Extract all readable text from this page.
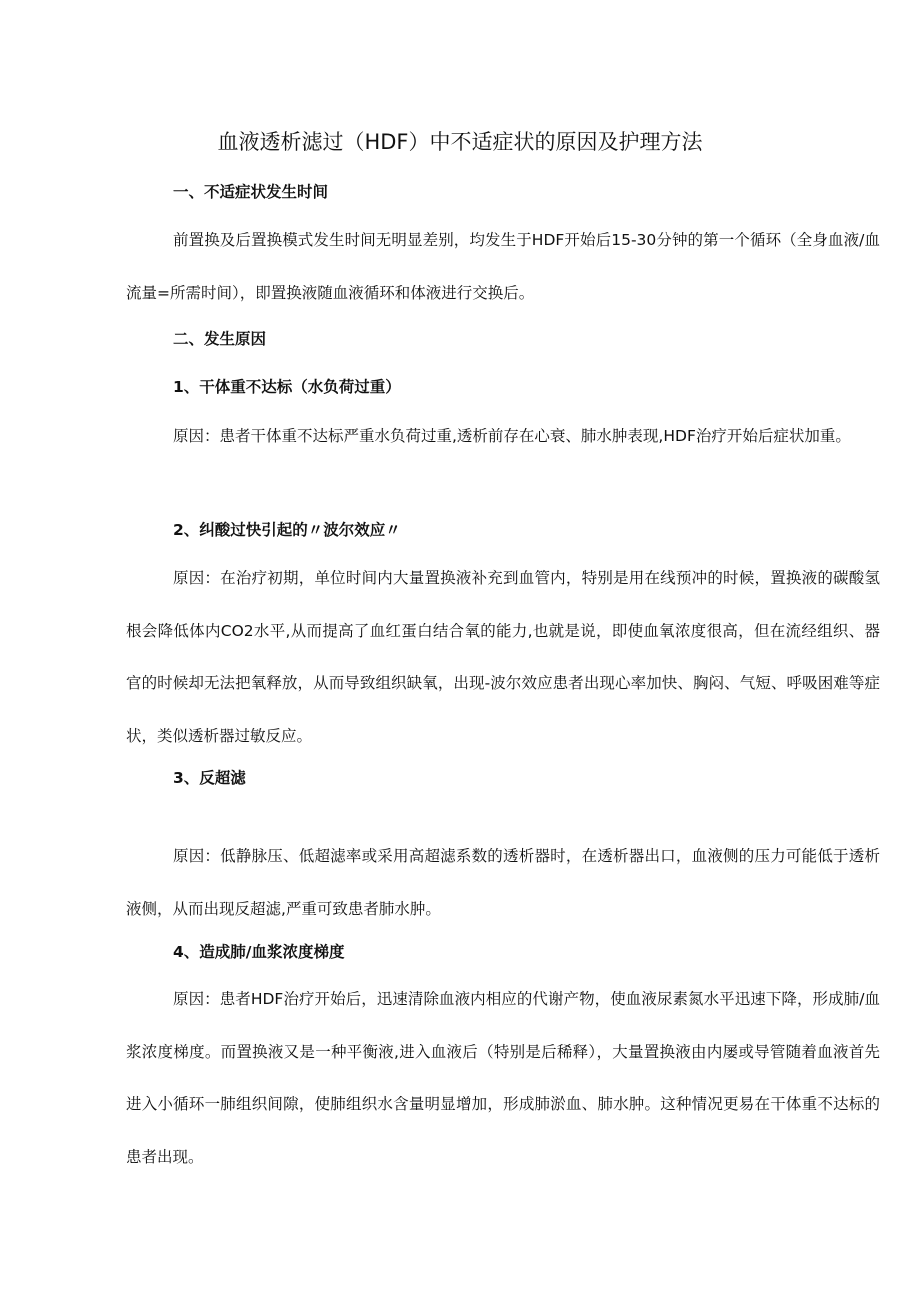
血液透析滤过（HDF）中不适症状的原因及护理方法
一、不适症状发生时间

前置换及后置换模式发生时间无明显差别，均发生于HDF开始后15-30分钟的第一个循环（全身血液/血流量=所需时间），即置换液随血液循环和体液进行交换后。

二、发生原因
1、干体重不达标（水负荷过重）

原因：患者干体重不达标严重水负荷过重,透析前存在心衰、肺水肿表现,HDF治疗开始后症状加重。

2、纠酸过快引起的〃波尔效应〃

原因：在治疗初期，单位时间内大量置换液补充到血管内，特别是用在线预冲的时候，置换液的碳酸氢根会降低体内CO2水平,从而提高了血红蛋白结合氧的能力,也就是说，即使血氧浓度很高，但在流经组织、器官的时候却无法把氧释放，从而导致组织缺氧，出现-波尔效应患者出现心率加快、胸闷、气短、呼吸困难等症状，类似透析器过敏反应。

3、反超滤

原因：低静脉压、低超滤率或采用高超滤系数的透析器时，在透析器出口，血液侧的压力可能低于透析液侧，从而出现反超滤,严重可致患者肺水肿。

4、造成肺/血浆浓度梯度

原因：患者HDF治疗开始后，迅速清除血液内相应的代谢产物，使血液尿素氮水平迅速下降，形成肺/血浆浓度梯度。而置换液又是一种平衡液,进入血液后（特别是后稀释），大量置换液由内屡或导管随着血液首先进入小循环一肺组织间隙，使肺组织水含量明显增加，形成肺淤血、肺水肿。这种情况更易在干体重不达标的患者出现。
